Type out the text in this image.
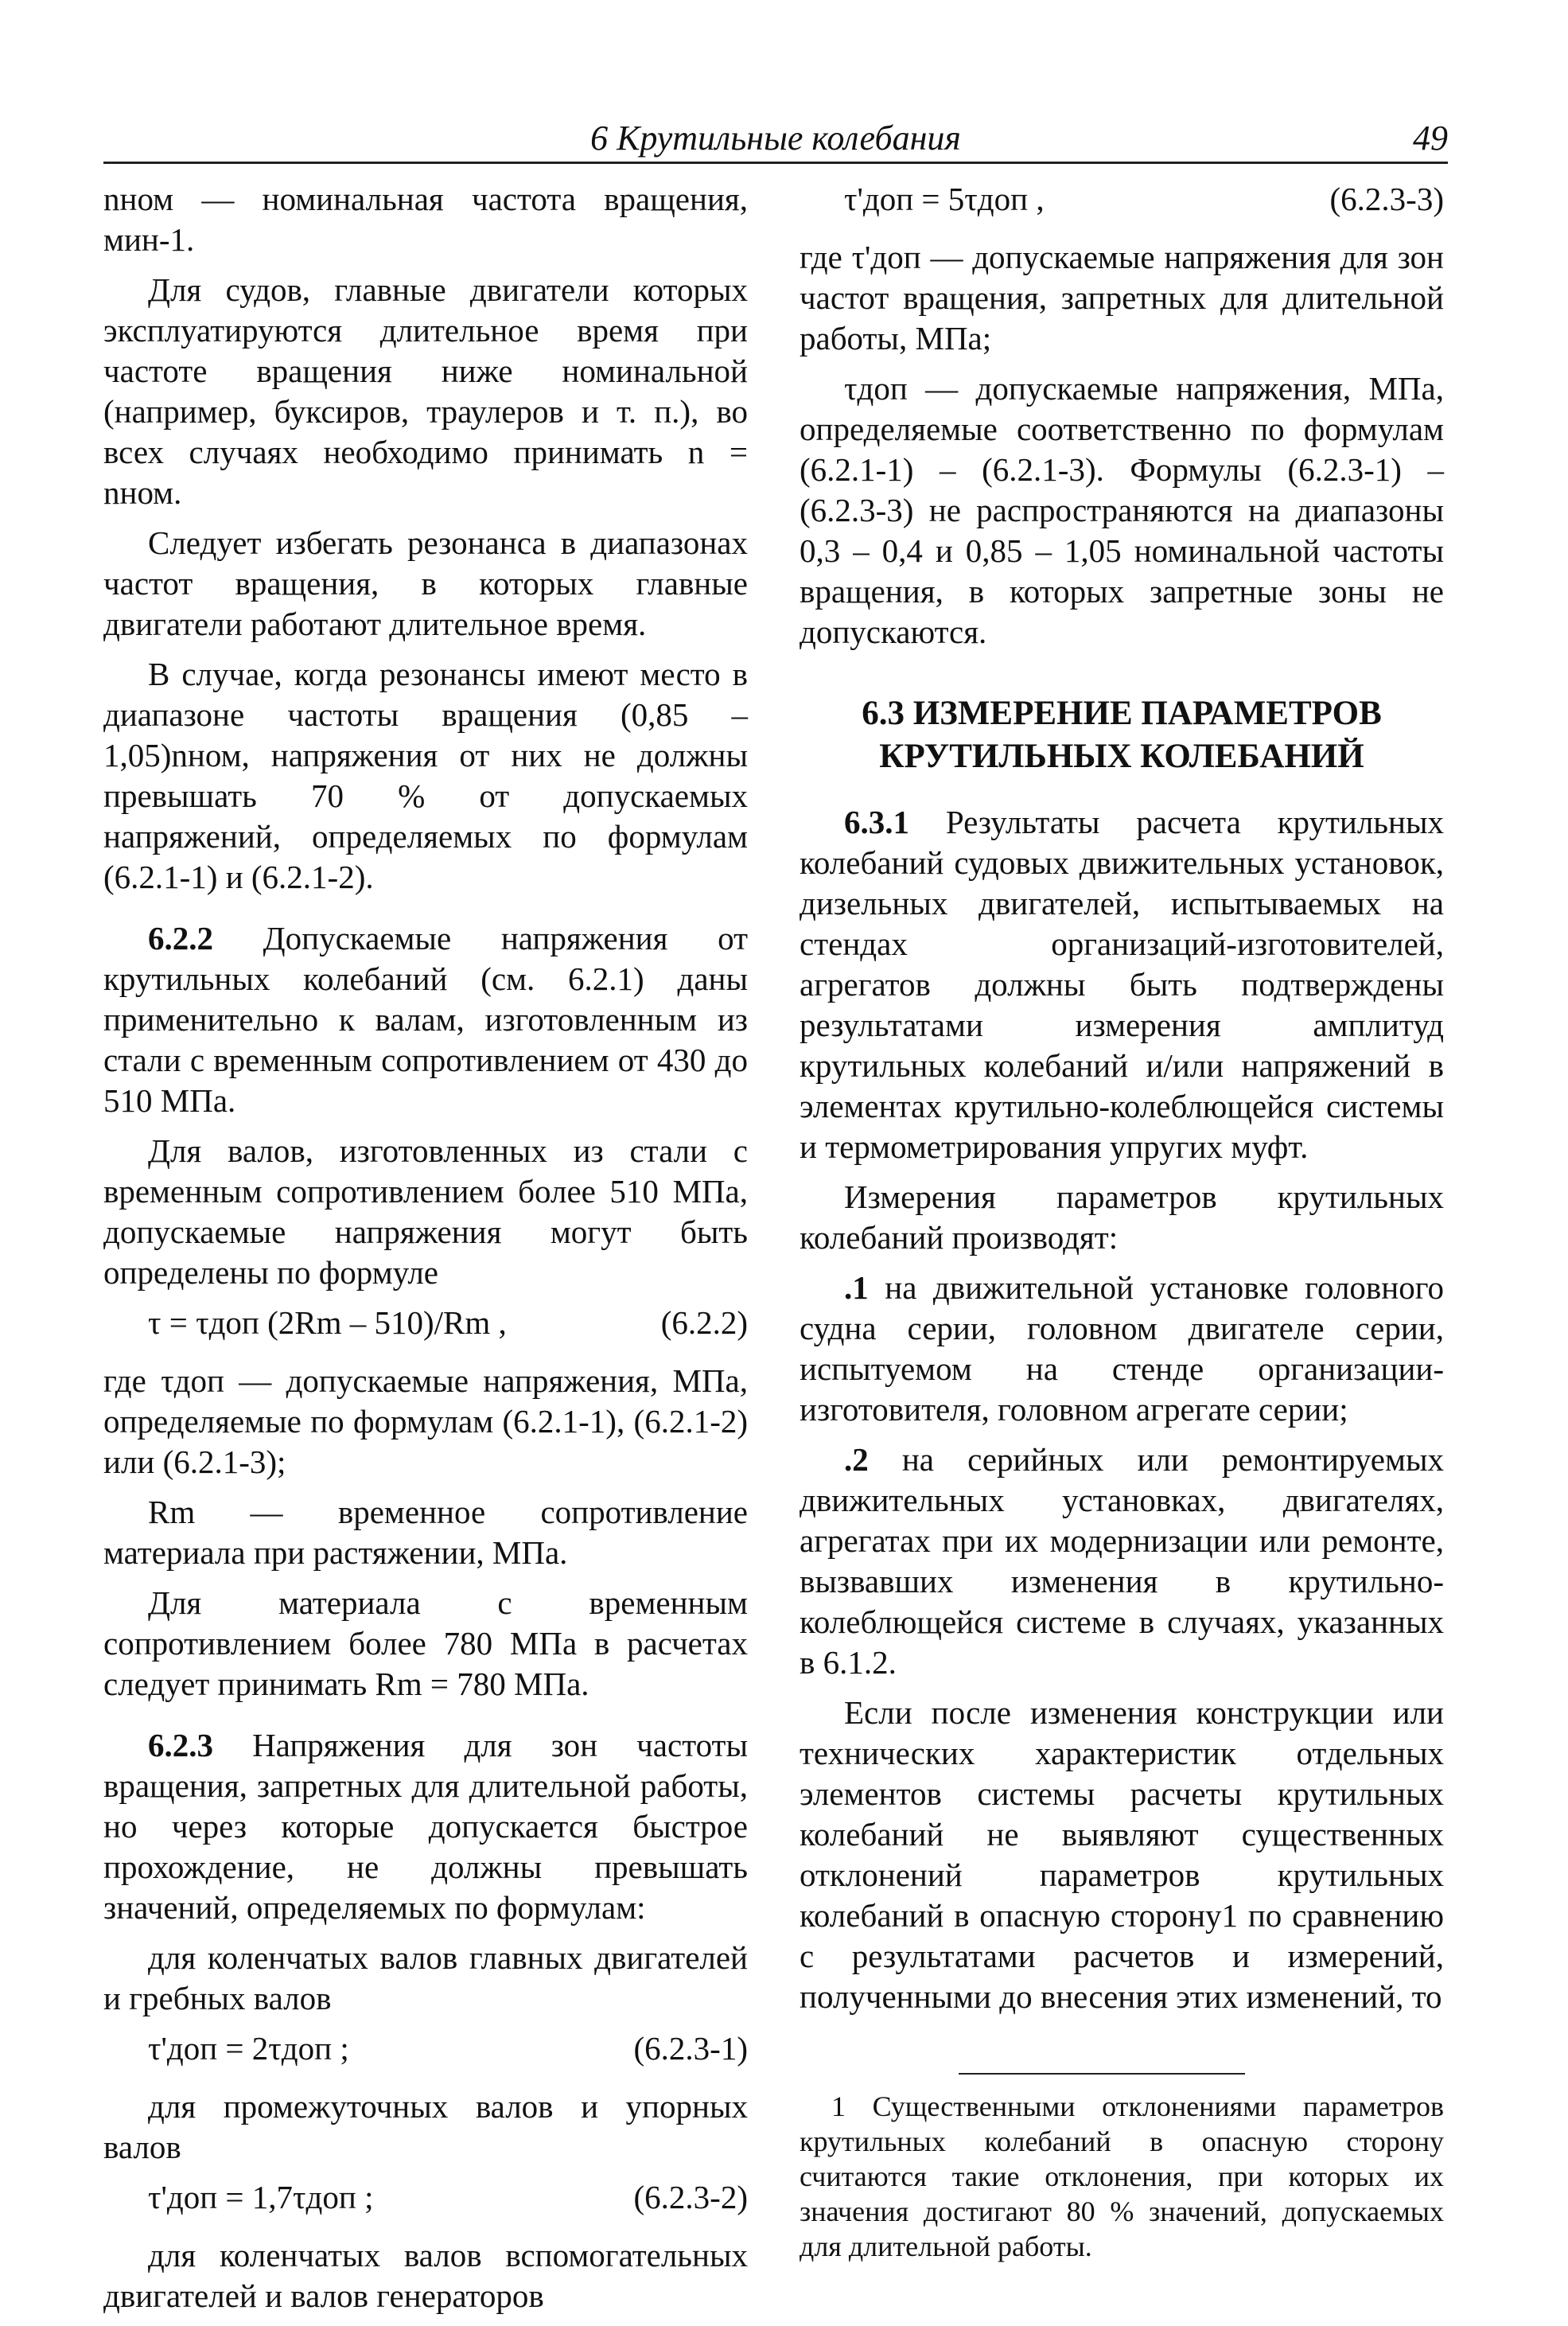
6 Крутильные колебания	49

nном — номинальная частота вращения, мин-1.

Для судов, главные двигатели которых эксплуатируются длительное время при частоте вращения ниже номинальной (например, буксиров, траулеров и т. п.), во всех случаях необходимо принимать n = nном.

Следует избегать резонанса в диапазонах частот вращения, в которых главные двигатели работают длительное время.

В случае, когда резонансы имеют место в диапазоне частоты вращения (0,85 – 1,05)nном, напряжения от них не должны превышать 70 % от допускаемых напряжений, определяемых по формулам (6.2.1-1) и (6.2.1-2).

6.2.2 Допускаемые напряжения от крутильных колебаний (см. 6.2.1) даны применительно к валам, изготовленным из стали с временным сопротивлением от 430 до 510 МПа.

Для валов, изготовленных из стали с временным сопротивлением более 510 МПа, допускаемые напряжения могут быть определены по формуле

τ = τдоп (2Rm – 510)/Rm ,	(6.2.2)

где τдоп — допускаемые напряжения, МПа, определяемые по формулам (6.2.1-1), (6.2.1-2) или (6.2.1-3);

Rm — временное сопротивление материала при растяжении, МПа.

Для материала с временным сопротивлением более 780 МПа в расчетах следует принимать Rm = 780 МПа.

6.2.3 Напряжения для зон частоты вращения, запретных для длительной работы, но через которые допускается быстрое прохождение, не должны превышать значений, определяемых по формулам:

для коленчатых валов главных двигателей и гребных валов

τ'доп = 2τдоп ;	(6.2.3-1)

для промежуточных валов и упорных валов

τ'доп = 1,7τдоп ;	(6.2.3-2)

для коленчатых валов вспомогательных двигателей и валов генераторов

τ'доп = 5τдоп ,	(6.2.3-3)

где τ'доп — допускаемые напряжения для зон частот вращения, запретных для длительной работы, МПа;

τдоп — допускаемые напряжения, МПа, определяемые соответственно по формулам (6.2.1-1) – (6.2.1-3). Формулы (6.2.3-1) – (6.2.3-3) не распространяются на диапазоны 0,3 – 0,4 и 0,85 – 1,05 номинальной частоты вращения, в которых запретные зоны не допускаются.

6.3 ИЗМЕРЕНИЕ ПАРАМЕТРОВ КРУТИЛЬНЫХ КОЛЕБАНИЙ

6.3.1 Результаты расчета крутильных колебаний судовых движительных установок, дизельных двигателей, испытываемых на стендах организаций-изготовителей, агрегатов должны быть подтверждены результатами измерения амплитуд крутильных колебаний и/или напряжений в элементах крутильно-колеблющейся системы и термометрирования упругих муфт.

Измерения параметров крутильных колебаний производят:

.1 на движительной установке головного судна серии, головном двигателе серии, испытуемом на стенде организации-изготовителя, головном агрегате серии;

.2 на серийных или ремонтируемых движительных установках, двигателях, агрегатах при их модернизации или ремонте, вызвавших изменения в крутильно-колеблющейся системе в случаях, указанных в 6.1.2.

Если после изменения конструкции или технических характеристик отдельных элементов системы расчеты крутильных колебаний не выявляют существенных отклонений параметров крутильных колебаний в опасную сторону1 по сравнению с результатами расчетов и измерений, полученными до внесения этих изменений, то

1 Существенными отклонениями параметров крутильных колебаний в опасную сторону считаются такие отклонения, при которых их значения достигают 80 % значений, допускаемых для длительной работы.
